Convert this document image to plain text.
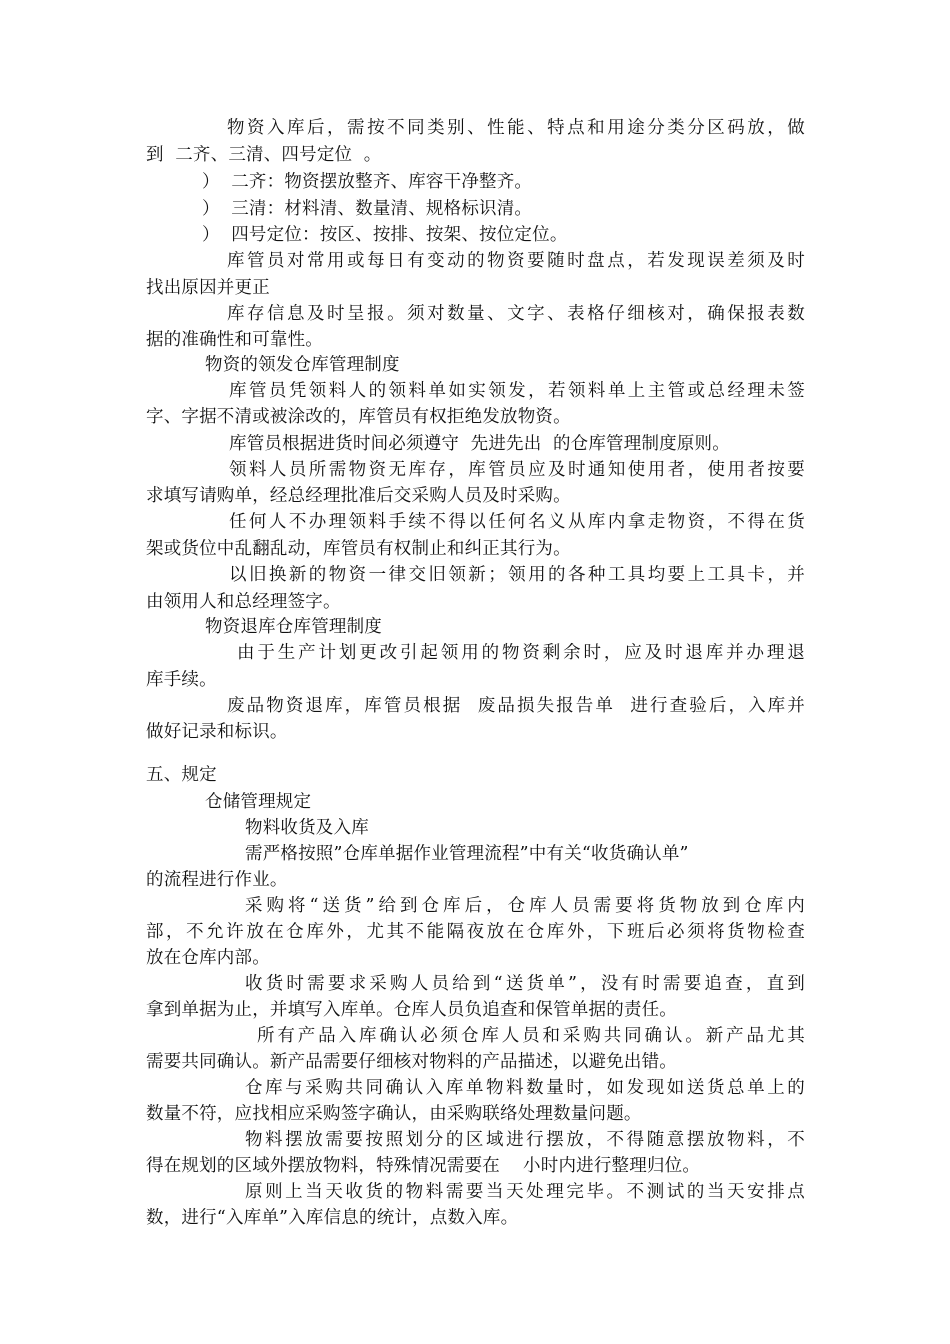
物资入库后，需按不同类别、性能、特点和用途分类分区码放，做
到  二齐、三清、四号定位  。
）  二齐：物资摆放整齐、库容干净整齐。
）  三清：材料清、数量清、规格标识清。
）  四号定位：按区、按排、按架、按位定位。
库管员对常用或每日有变动的物资要随时盘点，若发现误差须及时
找出原因并更正
库存信息及时呈报。须对数量、文字、表格仔细核对，确保报表数
据的准确性和可靠性。
物资的领发仓库管理制度
库管员凭领料人的领料单如实领发，若领料单上主管或总经理未签
字、字据不清或被涂改的，库管员有权拒绝发放物资。
库管员根据进货时间必须遵守  先进先出  的仓库管理制度原则。
领料人员所需物资无库存，库管员应及时通知使用者，使用者按要
求填写请购单，经总经理批准后交采购人员及时采购。
任何人不办理领料手续不得以任何名义从库内拿走物资，不得在货
架或货位中乱翻乱动，库管员有权制止和纠正其行为。
以旧换新的物资一律交旧领新；领用的各种工具均要上工具卡，并
由领用人和总经理签字。
物资退库仓库管理制度
由于生产计划更改引起领用的物资剩余时，应及时退库并办理退
库手续。
废品物资退库，库管员根据  废品损失报告单  进行查验后，入库并
做好记录和标识。
五、规定
仓储管理规定
物料收货及入库
需严格按照”仓库单据作业管理流程”中有关“收货确认单”
的流程进行作业。
采购将“送货”给到仓库后，仓库人员需要将货物放到仓库内
部，不允许放在仓库外，尤其不能隔夜放在仓库外，下班后必须将货物检查
放在仓库内部。
收货时需要求采购人员给到“送货单”，没有时需要追查，直到
拿到单据为止，并填写入库单。仓库人员负追查和保管单据的责任。
所有产品入库确认必须仓库人员和采购共同确认。新产品尤其
需要共同确认。新产品需要仔细核对物料的产品描述，以避免出错。
仓库与采购共同确认入库单物料数量时，如发现如送货总单上的
数量不符，应找相应采购签字确认，由采购联络处理数量问题。
物料摆放需要按照划分的区域进行摆放，不得随意摆放物料，不
得在规划的区域外摆放物料，特殊情况需要在    小时内进行整理归位。
原则上当天收货的物料需要当天处理完毕。不测试的当天安排点
数，进行“入库单”入库信息的统计，点数入库。
